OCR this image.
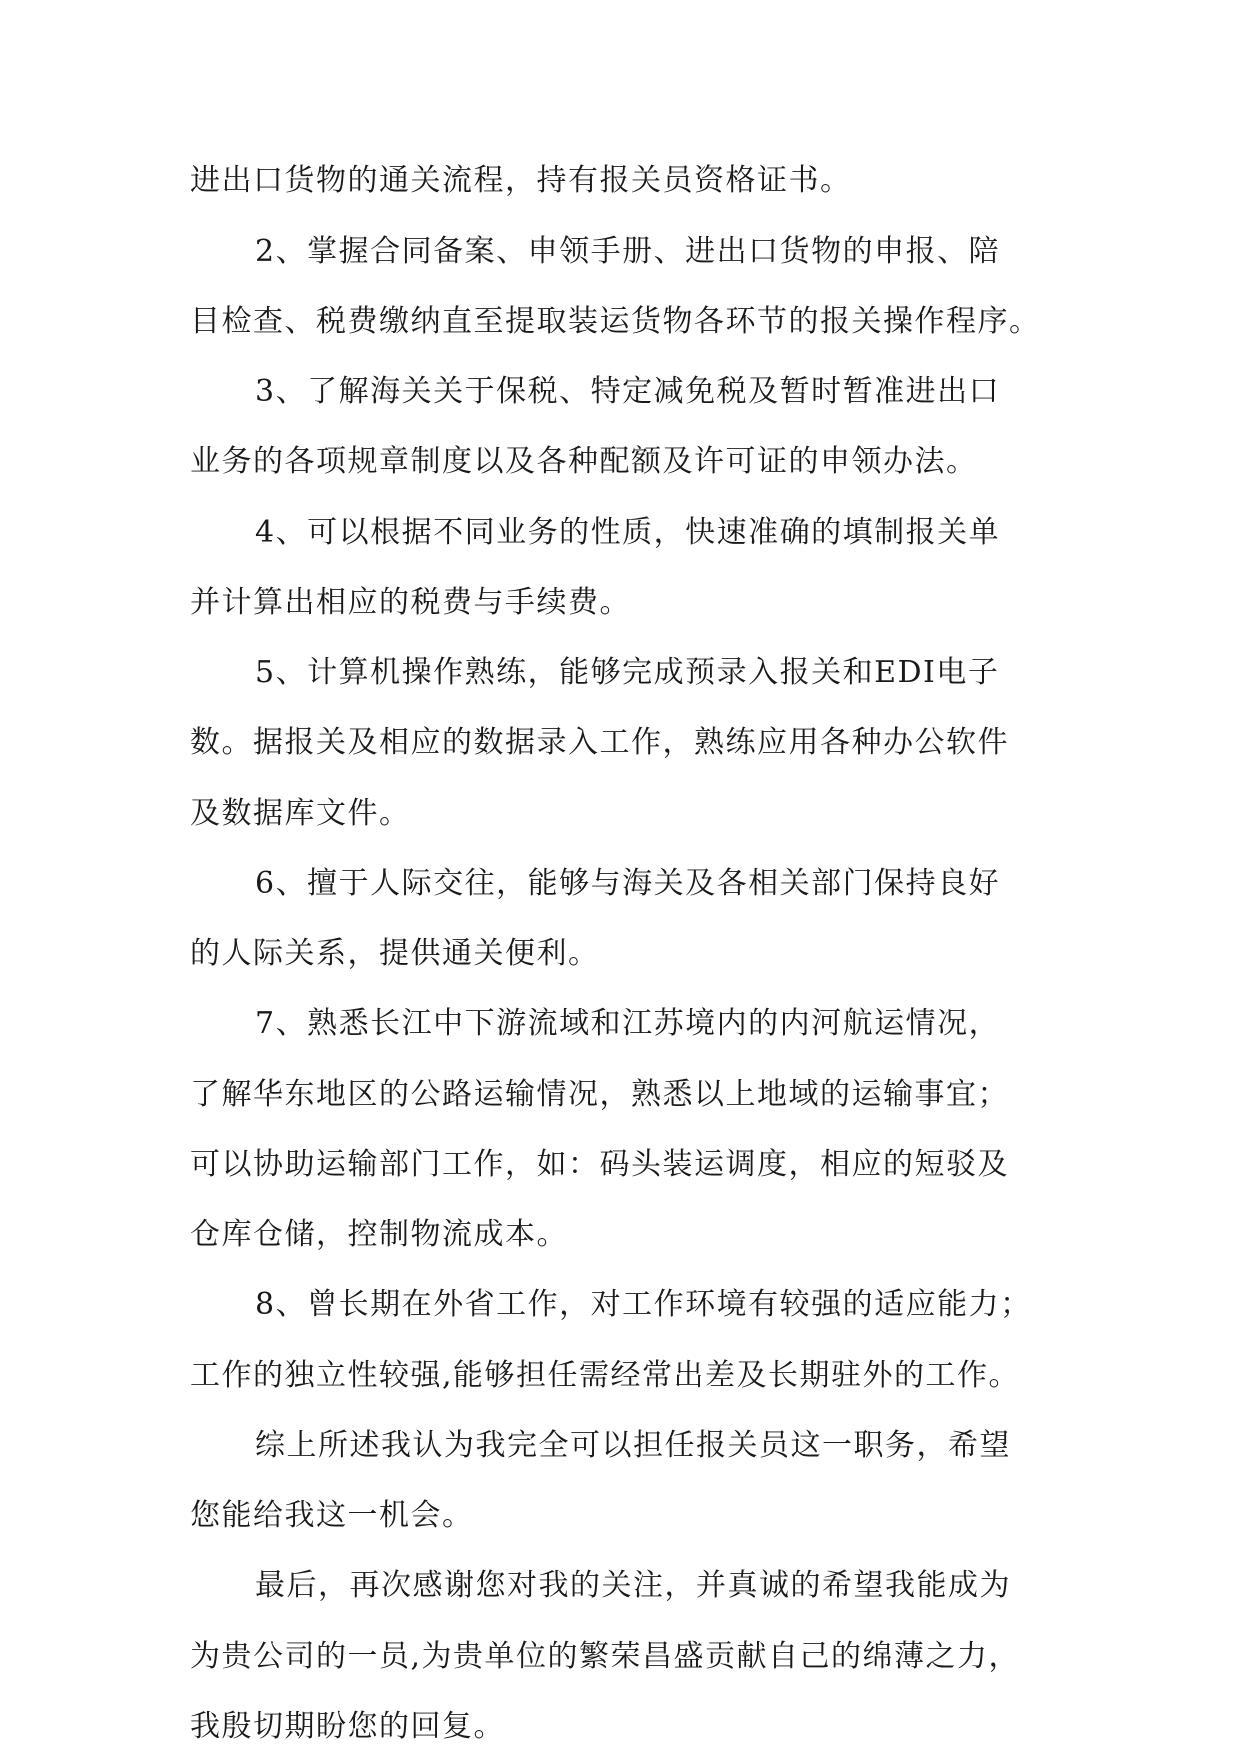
进出口货物的通关流程，持有报关员资格证书。
2、掌握合同备案、申领手册、进出口货物的申报、陪
目检查、税费缴纳直至提取装运货物各环节的报关操作程序。
3、了解海关关于保税、特定减免税及暂时暂准进出口
业务的各项规章制度以及各种配额及许可证的申领办法。
4、可以根据不同业务的性质，快速准确的填制报关单
并计算出相应的税费与手续费。
5、计算机操作熟练，能够完成预录入报关和EDI电子
数。据报关及相应的数据录入工作，熟练应用各种办公软件
及数据库文件。
6、擅于人际交往，能够与海关及各相关部门保持良好
的人际关系，提供通关便利。
7、熟悉长江中下游流域和江苏境内的内河航运情况，
了解华东地区的公路运输情况，熟悉以上地域的运输事宜；
可以协助运输部门工作，如：码头装运调度，相应的短驳及
仓库仓储，控制物流成本。
8、曾长期在外省工作，对工作环境有较强的适应能力；
工作的独立性较强,能够担任需经常出差及长期驻外的工作。
综上所述我认为我完全可以担任报关员这一职务，希望
您能给我这一机会。
最后，再次感谢您对我的关注，并真诚的希望我能成为
为贵公司的一员,为贵单位的繁荣昌盛贡献自己的绵薄之力，
我殷切期盼您的回复。
